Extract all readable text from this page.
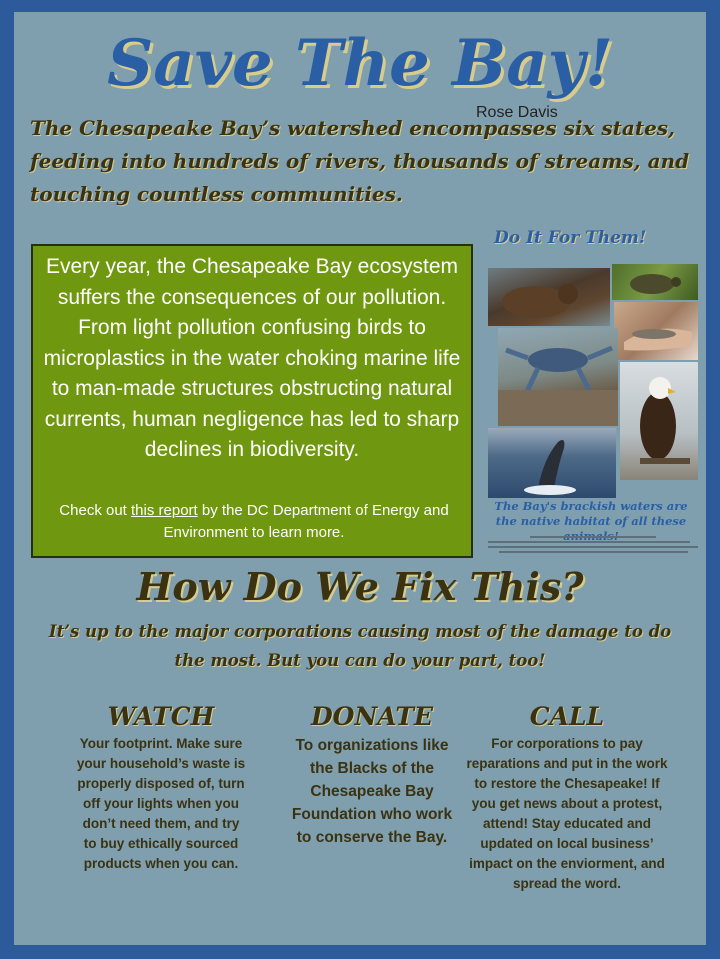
Save The Bay!
Rose Davis
The Chesapeake Bay’s watershed encompasses six states, feeding into hundreds of rivers, thousands of streams, and touching countless communities.
Do It For Them!
Every year, the Chesapeake Bay ecosystem suffers the consequences of our pollution. From light pollution confusing birds to microplastics in the water choking marine life to man-made structures obstructing natural currents, human negligence has led to sharp declines in biodiversity.
Check out this report by the DC Department of Energy and Environment to learn more.
The Bay's brackish waters are the native habitat of all these
How Do We Fix This?
It’s up to the major corporations causing most of the damage to do the most. But you can do your part, too!
WATCH

Your footprint. Make sure your household’s waste is properly disposed of, turn off your lights when you don’t need them, and try to buy ethically sourced products when you can.

DONATE

To organizations like the Blacks of the Chesapeake Bay Foundation who work to conserve the Bay.

CALL

For corporations to pay reparations and put in the work to restore the Chesapeake! If you get news about a protest, attend! Stay educated and updated on local business’ impact on the enviorment, and spread the word.
